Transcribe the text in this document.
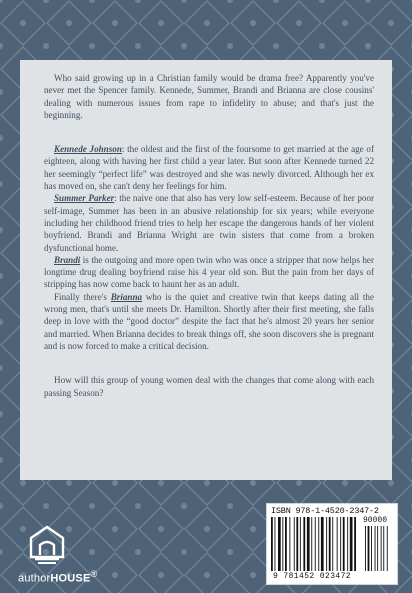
Who said growing up in a Christian family would be drama free? Apparently you've never met the Spencer family. Kennede, Summer, Brandi and Brianna are close cousins' dealing with numerous issues from rape to infidelity to abuse; and that's just the beginning.

Kennede Johnson: the oldest and the first of the foursome to get married at the age of eighteen, along with having her first child a year later. But soon after Kennede turned 22 her seemingly “perfect life” was destroyed and she was newly divorced. Although her ex has moved on, she can't deny her feelings for him.

Summer Parker: the naive one that also has very low self-esteem. Because of her poor self-image, Summer has been in an abusive relationship for six years; while everyone including her childhood friend tries to help her escape the dangerous hands of her violent boyfriend. Brandi and Brianna Wright are twin sisters that come from a broken dysfunctional home.

Brandi is the outgoing and more open twin who was once a stripper that now helps her longtime drug dealing boyfriend raise his 4 year old son. But the pain from her days of stripping has now come back to haunt her as an adult.

Finally there's Brianna who is the quiet and creative twin that keeps dating all the wrong men, that's until she meets Dr. Hamilton. Shortly after their first meeting, she falls deep in love with the “good doctor” despite the fact that he's almost 20 years her senior and married. When Brianna decides to break things off, she soon discovers she is pregnant and is now forced to make a critical decision.

How will this group of young women deal with the changes that come along with each passing Season?

authorHOUSE®
ISBN 978-1-4520-2347-2
90000
9 781452 023472
